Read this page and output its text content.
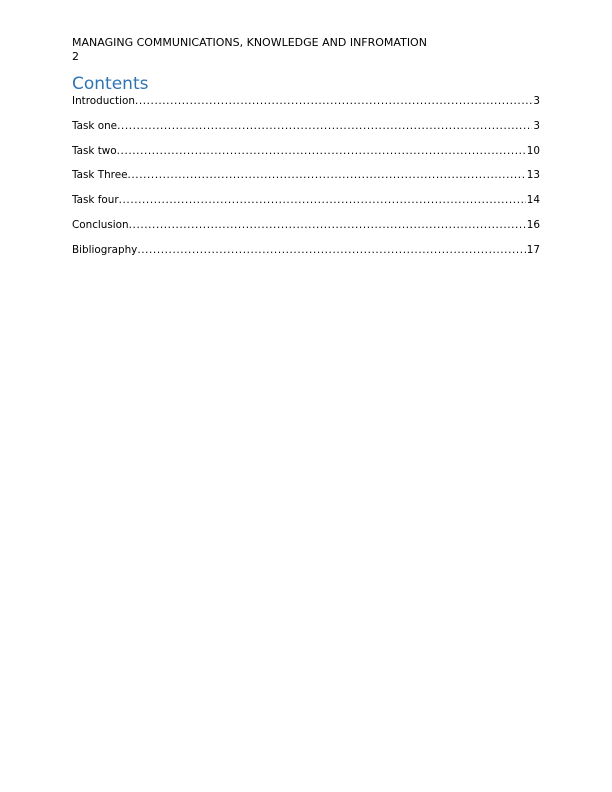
MANAGING COMMUNICATIONS, KNOWLEDGE AND INFROMATION
2
Contents
Introduction .....	3
Task one .....	3
Task two .....	10
Task Three .....	13
Task four .....	14
Conclusion .....	16
Bibliography .....	17
